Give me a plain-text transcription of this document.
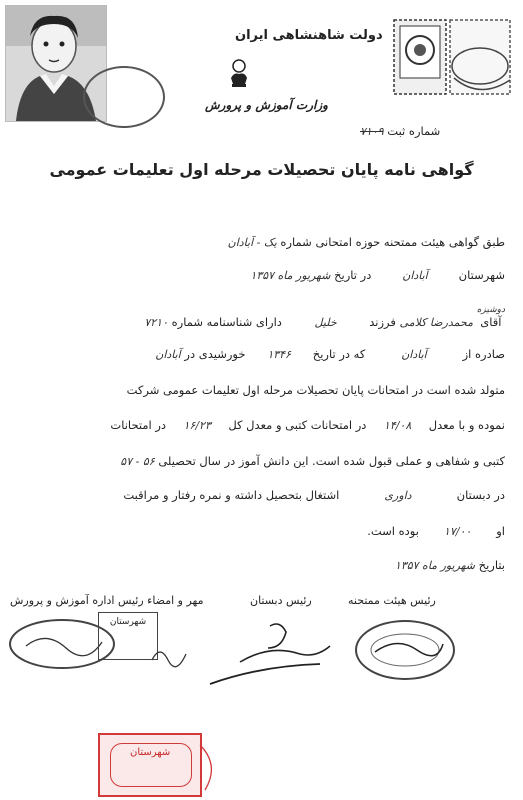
دولت شاهنشاهی ایران
وزارت آموزش و پرورش
شماره ثبت ۷۱۰۹
گواهی نامه پایان تحصیلات مرحله اول تعلیمات عمومی
طبق گواهی هیئت ممتحنه حوزه امتحانی شماره یک - آبادان
شهرستان آبادان در تاریخ شهریور ماه ۱۳۵۷
دوشیزه
آقای
محمدرضا کلامی فرزند خلیل دارای شناسنامه شماره ۷۲۱۰
صادره از آبادان که در تاریخ ۱۳۴۶ خورشیدی در آبادان
متولد شده است در امتحانات پایان تحصیلات مرحله اول تعلیمات عمومی شرکت
نموده و با معدل ۱۴/۰۸ در امتحانات کتبی و معدل کل ۱۶/۲۳ در امتحانات
کتبی و شفاهی و عملی قبول شده است. این دانش آموز در سال تحصیلی ۵۶ - ۵۷
در دبستان داوری اشتغال بتحصیل داشته و نمره رفتار و مراقبت
او ۱۷/۰۰ بوده است.
بتاریخ شهریور ماه ۱۳۵۷
رئیس هیئت ممتحنه
رئیس دبستان
مهر و امضاء رئیس اداره آموزش و پرورش
شهرستان
شهرستان
